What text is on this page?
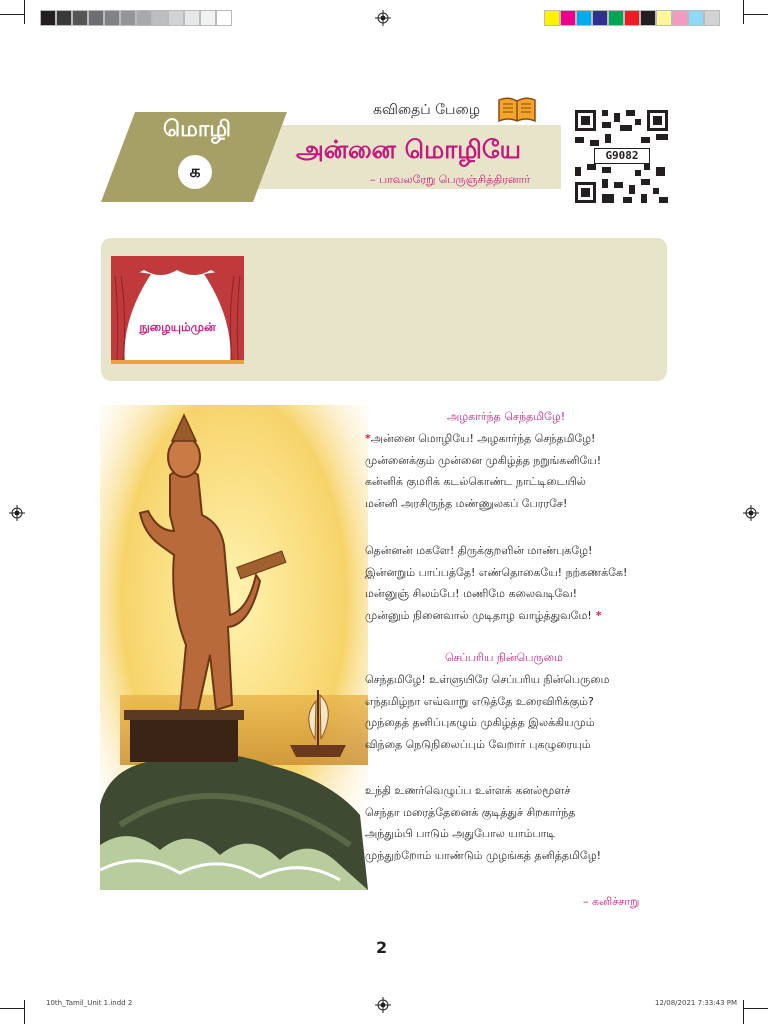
கவிதைப் பேழை
மொழி
க
அன்னை மொழியே
– பாவலரேறு பெருஞ்சித்திரனார்
G9082
நுழையும்முன்
அழகார்ந்த செந்தமிழே!
*அன்னை மொழியே! அழகார்ந்த செந்தமிழே!
முன்னைக்கும் முன்னை முகிழ்த்த நறுங்கனியே!
கன்னிக் குமரிக் கடல்கொண்ட நாட்டிடையில்
மன்னி அரசிருந்த மண்ணுலகப் பேரரசே!
தென்னன் மகளே! திருக்குறளின் மாண்புகழே!
இன்னறும் பாப்பத்தே! எண்தொகையே! நற்கணக்கே!
மன்னுஞ் சிலம்பே! மணிமே கலைவடிவே!
முன்னும் நினைவால் முடிதாழ வாழ்த்துவமே! *
செப்பரிய நின்பெருமை
செந்தமிழே! உள்ளுயிரே செப்பரிய நின்பெருமை
எந்தமிழ்நா எவ்வாறு எடுத்தே உரைவிரிக்கும்?
முந்தைத் தனிப்புகழும் முகிழ்த்த இலக்கியமும்
விந்தை நெடுநிலைப்பும் வேறார் புகழுரையும்
உந்தி உணர்வெழுப்ப உள்ளக் கனல்மூளச்
செந்தா மரைத்தேனைக் குடித்துச் சிறகார்ந்த
அந்தும்பி பாடும் அதுபோல யாம்பாடி
முந்துற்றோம் யாண்டும் முழங்கத் தனித்தமிழே!
– கனிச்சாறு
2
10th_Tamil_Unit 1.indd 2	12/08/2021 7:33:43 PM
